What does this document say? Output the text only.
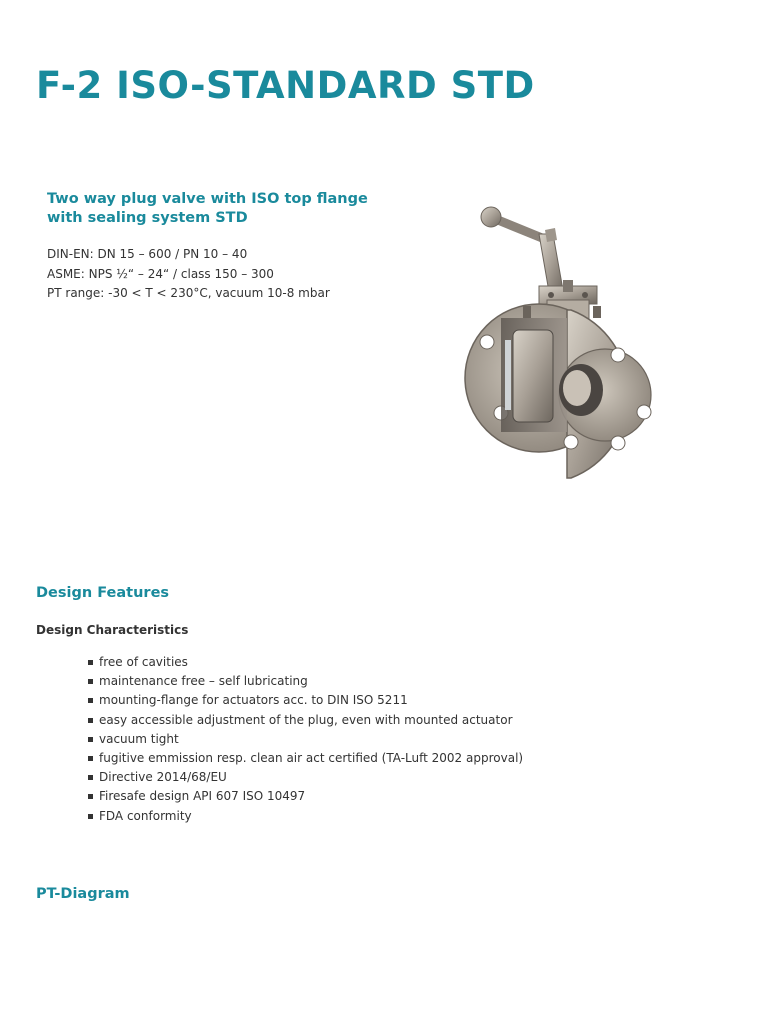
F-2 ISO-STANDARD STD
Two way plug valve with ISO top flange with sealing system STD
DIN-EN: DN 15 – 600 / PN 10 – 40
ASME: NPS ½“ – 24“ / class 150 – 300
PT range: -30 < T < 230°C, vacuum 10-8 mbar
Design Features
Design Characteristics
free of cavities
maintenance free – self lubricating
mounting-flange for actuators acc. to DIN ISO 5211
easy accessible adjustment of the plug, even with mounted actuator
vacuum tight
fugitive emmission resp. clean air act certified (TA-Luft 2002 approval)
Directive 2014/68/EU
Firesafe design API 607 ISO 10497
FDA conformity
PT-Diagram
